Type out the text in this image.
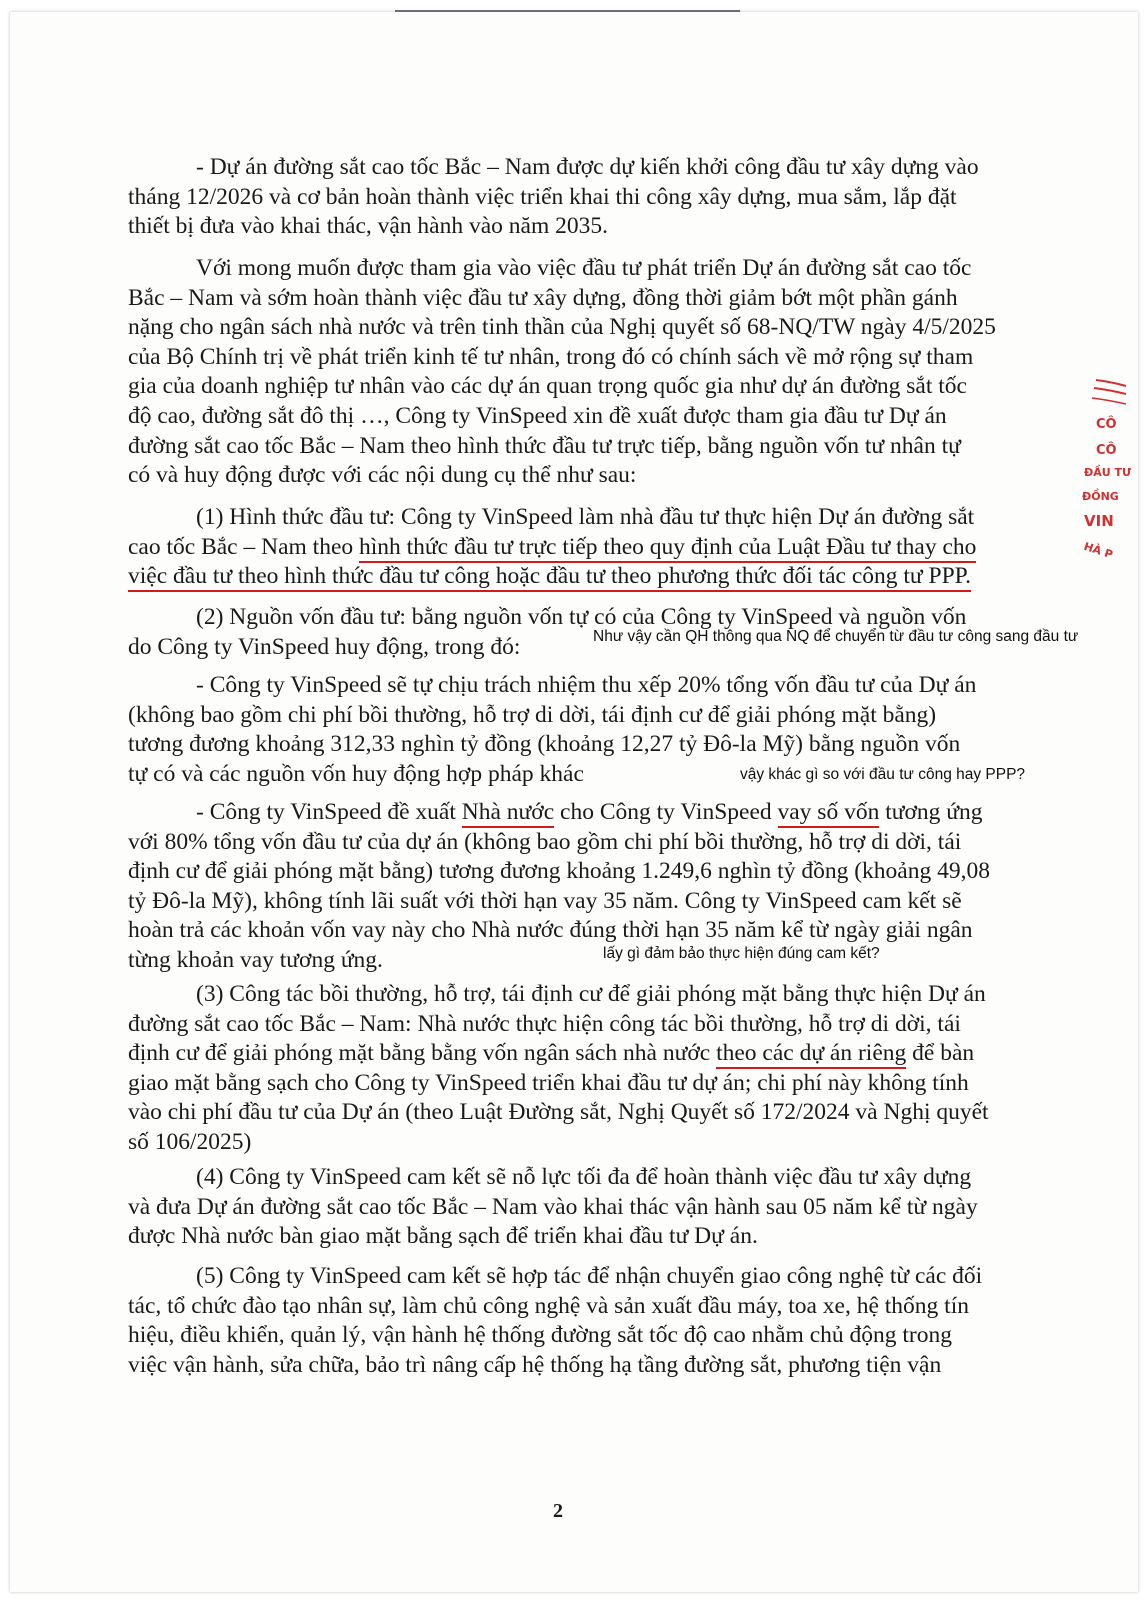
- Dự án đường sắt cao tốc Bắc – Nam được dự kiến khởi công đầu tư xây dựng vào
tháng 12/2026 và cơ bản hoàn thành việc triển khai thi công xây dựng, mua sắm, lắp đặt
thiết bị đưa vào khai thác, vận hành vào năm 2035.

Với mong muốn được tham gia vào việc đầu tư phát triển Dự án đường sắt cao tốc
Bắc – Nam và sớm hoàn thành việc đầu tư xây dựng, đồng thời giảm bớt một phần gánh
nặng cho ngân sách nhà nước và trên tinh thần của Nghị quyết số 68-NQ/TW ngày 4/5/2025
của Bộ Chính trị về phát triển kinh tế tư nhân, trong đó có chính sách về mở rộng sự tham
gia của doanh nghiệp tư nhân vào các dự án quan trọng quốc gia như dự án đường sắt tốc
độ cao, đường sắt đô thị …, Công ty VinSpeed xin đề xuất được tham gia đầu tư Dự án
đường sắt cao tốc Bắc – Nam theo hình thức đầu tư trực tiếp, bằng nguồn vốn tư nhân tự
có và huy động được với các nội dung cụ thể như sau:

(1) Hình thức đầu tư: Công ty VinSpeed làm nhà đầu tư thực hiện Dự án đường sắt
cao tốc Bắc – Nam theo hình thức đầu tư trực tiếp theo quy định của Luật Đầu tư thay cho
việc đầu tư theo hình thức đầu tư công hoặc đầu tư theo phương thức đối tác công tư PPP.

(2) Nguồn vốn đầu tư: bằng nguồn vốn tự có của Công ty VinSpeed và nguồn vốn
do Công ty VinSpeed huy động, trong đó:	Như vậy cần QH thông qua NQ để chuyển từ đầu tư công sang đầu tư

- Công ty VinSpeed sẽ tự chịu trách nhiệm thu xếp 20% tổng vốn đầu tư của Dự án
(không bao gồm chi phí bồi thường, hỗ trợ di dời, tái định cư để giải phóng mặt bằng)
tương đương khoảng 312,33 nghìn tỷ đồng (khoảng 12,27 tỷ Đô-la Mỹ) bằng nguồn vốn
tự có và các nguồn vốn huy động hợp pháp khác	vậy khác gì so với đầu tư công hay PPP?

- Công ty VinSpeed đề xuất Nhà nước cho Công ty VinSpeed vay số vốn tương ứng
với 80% tổng vốn đầu tư của dự án (không bao gồm chi phí bồi thường, hỗ trợ di dời, tái
định cư để giải phóng mặt bằng) tương đương khoảng 1.249,6 nghìn tỷ đồng (khoảng 49,08
tỷ Đô-la Mỹ), không tính lãi suất với thời hạn vay 35 năm. Công ty VinSpeed cam kết sẽ
hoàn trả các khoản vốn vay này cho Nhà nước đúng thời hạn 35 năm kể từ ngày giải ngân
từng khoản vay tương ứng.	lấy gì đảm bảo thực hiện đúng cam kết?

(3) Công tác bồi thường, hỗ trợ, tái định cư để giải phóng mặt bằng thực hiện Dự án
đường sắt cao tốc Bắc – Nam: Nhà nước thực hiện công tác bồi thường, hỗ trợ di dời, tái
định cư để giải phóng mặt bằng bằng vốn ngân sách nhà nước theo các dự án riêng để bàn
giao mặt bằng sạch cho Công ty VinSpeed triển khai đầu tư dự án; chi phí này không tính
vào chi phí đầu tư của Dự án (theo Luật Đường sắt, Nghị Quyết số 172/2024 và Nghị quyết
số 106/2025)

(4) Công ty VinSpeed cam kết sẽ nỗ lực tối đa để hoàn thành việc đầu tư xây dựng
và đưa Dự án đường sắt cao tốc Bắc – Nam vào khai thác vận hành sau 05 năm kể từ ngày
được Nhà nước bàn giao mặt bằng sạch để triển khai đầu tư Dự án.

(5) Công ty VinSpeed cam kết sẽ hợp tác để nhận chuyển giao công nghệ từ các đối
tác, tổ chức đào tạo nhân sự, làm chủ công nghệ và sản xuất đầu máy, toa xe, hệ thống tín
hiệu, điều khiển, quản lý, vận hành hệ thống đường sắt tốc độ cao nhằm chủ động trong
việc vận hành, sửa chữa, bảo trì nâng cấp hệ thống hạ tầng đường sắt, phương tiện vận

2
CÔ
CÔ
ĐẦU TƯ
ĐỒNG
VIN
HÀ P
